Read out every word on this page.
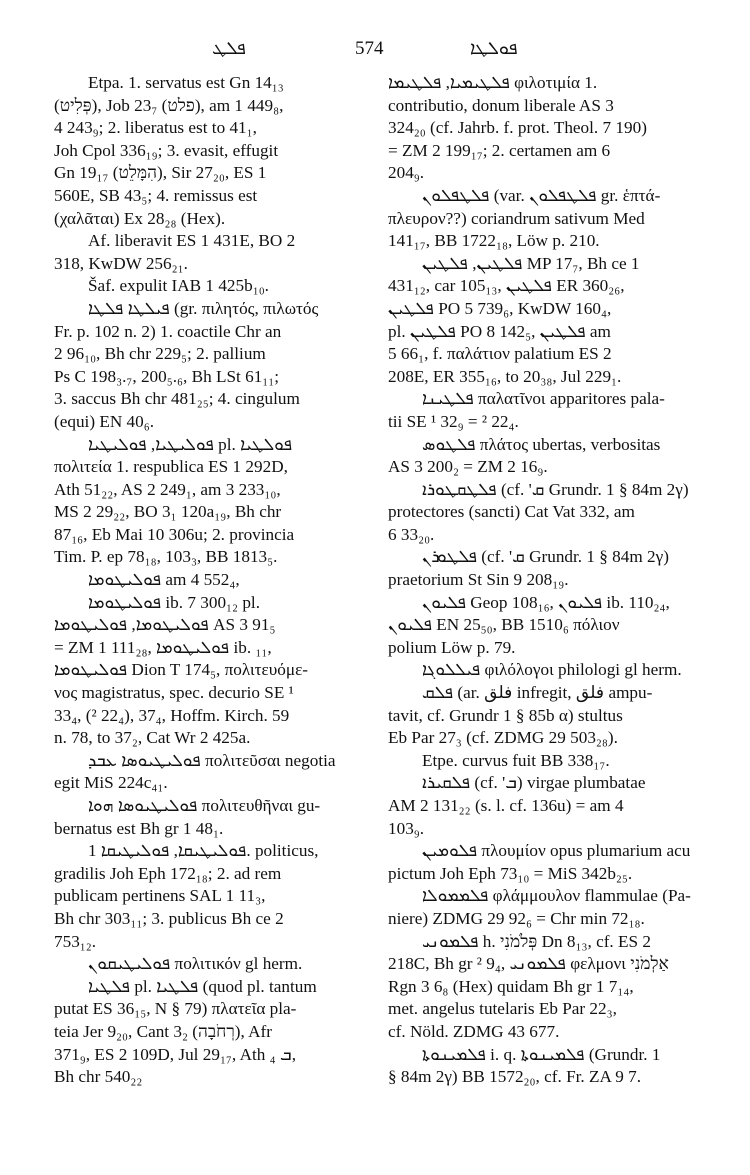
ܦܠܛ	574	ܦܘܠܛܐ
Etpa. 1. servatus est Gn 14₁₃
(פְּלִיט), Job 23₇ (פלט), am 1 449₈,
4 243₉; 2. liberatus est to 41₁,
Joh Cpol 336₁₉; 3. evasit, effugit
Gn 19₁₇ (הִמָּלֵט), Sir 27₂₀, ES 1
560E, SB 43₅; 4. remissus est
(χαλᾶται) Ex 28₂₈ (Hex).
Af. liberavit ES 1 431E, BO 2
318, KwDW 256₂₁.
Šaf. expulit IAB 1 425b₁₀.
ܦܝܠܛܐ ܦܠܛܐ (gr. πιλητός, πιλωτός
Fr. p. 102 n. 2) 1. coactile Chr an
2 96₁₀, Bh chr 229₅; 2. pallium
Ps C 198₃.₇, 200₅.₆, Bh LSt 61₁₁;
3. saccus Bh chr 481₂₅; 4. cingulum
(equi) EN 40₆.
ܦܘܠܝܛܝܐ, ܦܘܠܝܛܝܐ pl. ܦܘܠܛܝܐ
πολιτεία 1. respublica ES 1 292D,
Ath 51₂₂, AS 2 249₁, am 3 233₁₀,
MS 2 29₂₂, BO 3₁ 120a₁₉, Bh chr
87₁₆, Eb Mai 10 306u; 2. provincia
Tim. P. ep 78₁₈, 103₃, BB 1813₅.
ܦܘܠܝܛܘܡܐ am 4 552₄,
ܦܘܠܝܛܘܡܐ ib. 7 300₁₂ pl.
ܦܘܠܝܛܘܡܐ, ܦܘܠܝܛܘܡܐ AS 3 91₅
= ZM 1 111₂₈, ܦܘܠܝܛܘܡܐ ib. ₁₁,
ܦܘܠܝܛܘܡܐ Dion T 174₅, πολιτευόμε-
νος magistratus, spec. decurio SE ¹
33₄, (² 22₄), 37₄, Hoffm. Kirch. 59
n. 78, to 37₂, Cat Wr 2 425a.
ܦܘܠܝܛܝܘܣܐ ܥܒܕ πολιτεῦσαι negotia
egit MiS 224c₄₁.
ܦܘܠܝܛܝܘܣܐ ܗܘܐ πολιτευθῆναι gu-
bernatus est Bh gr 1 48₁.
ܦܘܠܝܛܝܩܐ, ܦܘܠܝܛܝܩܐ 1. politicus,
gradilis Joh Eph 172₁₈; 2. ad rem
publicam pertinens SAL 1 11₃,
Bh chr 303₁₁; 3. publicus Bh ce 2
753₁₂.
ܦܘܠܝܛܝܩܘܢ πολιτικόν gl herm.
ܦܠܛܝܐ pl. ܦܠܛܝܐ (quod pl. tantum
putat ES 36₁₅, N § 79) πλατεῖα pla-
teia Jer 9₂₀, Cant 3₂ (רְחֹבָה), Afr
371₉, ES 2 109D, Jul 29₁₇, Ath ܒ ₄,
Bh chr 540₂₂
ܦܠܛܝܡܝܐ, ܦܠܛܝܡܐ φιλοτιμία 1.
contributio, donum liberale AS 3
324₂₀ (cf. Jahrb. f. prot. Theol. 7 190)
= ZM 2 199₁₇; 2. certamen am 6
204₉.
ܦܠܛܦܠܘܢ (var. ܦܠܛܦܠܘܢ gr. ἑπτά-
πλευρον??) coriandrum sativum Med
141₁₇, BB 1722₁₈, Löw p. 210.
ܦܠܛܝܢ, ܦܠܛܝܢ MP 17₇, Bh ce 1
431₁₂, car 105₁₃, ܦܠܛܝܢ ER 360₂₆,
ܦܠܛܝܢ PO 5 739₆, KwDW 160₄,
pl. ܦܠܛܝܢ PO 8 142₅, ܦܠܛܝܢ am
5 66₁, f. παλάτιον palatium ES 2
208E, ER 355₁₆, to 20₃₈, Jul 229₁.
ܦܠܛܝܢܐ παλατῖνοι apparitores pala-
tii SE ¹ 32₉ = ² 22₄.
ܦܠܛܘܣ πλάτος ubertas, verbositas
AS 3 200₂ = ZM 2 16₉.
ܦܠܛܩܛܘܪܐ (cf. 'ܩ Grundr. 1 § 84m 2γ)
protectores (sancti) Cat Vat 332, am
6 33₂₀.
ܦܠܛܘܪܢ (cf. 'ܩ Grundr. 1 § 84m 2γ)
praetorium St Sin 9 208₁₉.
ܦܠܝܘܢ Geop 108₁₆, ܦܠܝܘܢ ib. 110₂₄,
ܦܠܝܘܢ EN 25₅₀, BB 1510₆ πόλιον
polium Löw p. 79.
ܦܝܠܠܘܓܐ φιλόλογοι philologi gl herm.
ܦܠܩ (ar. فلق infregit, فلق ampu-
tavit, cf. Grundr 1 § 85b α) stultus
Eb Par 27₃ (cf. ZDMG 29 503₂₈).
Etpe. curvus fuit BB 338₁₇.
ܦܠܩܝܪܐ (cf. 'ܒ) virgae plumbatae
AM 2 131₂₂ (s. l. cf. 136u) = am 4
103₉.
ܦܠܘܡܝܢ πλουμίον opus plumarium acu
pictum Joh Eph 73₁₀ = MiS 342b₂₅.
ܦܠܡܡܘܠܐ φλάμμουλον flammulae (Pa-
niere) ZDMG 29 92₆ = Chr min 72₁₈.
ܦܠܡܘܢܝ h. פְּלֹמֹנִי Dn 8₁₃, cf. ES 2
218C, Bh gr ² 9₄, ܦܠܡܘܢܝ φελμονι אַלְמֹנִי
Rgn 3 6₈ (Hex) quidam Bh gr 1 7₁₄,
met. angelus tutelaris Eb Par 22₃,
cf. Nöld. ZDMG 43 677.
ܦܠܡܝܢܘܬܐ i. q. ܦܠܡܝܢܘܬܐ (Grundr. 1
§ 84m 2γ) BB 1572₂₀, cf. Fr. ZA 9 7.
